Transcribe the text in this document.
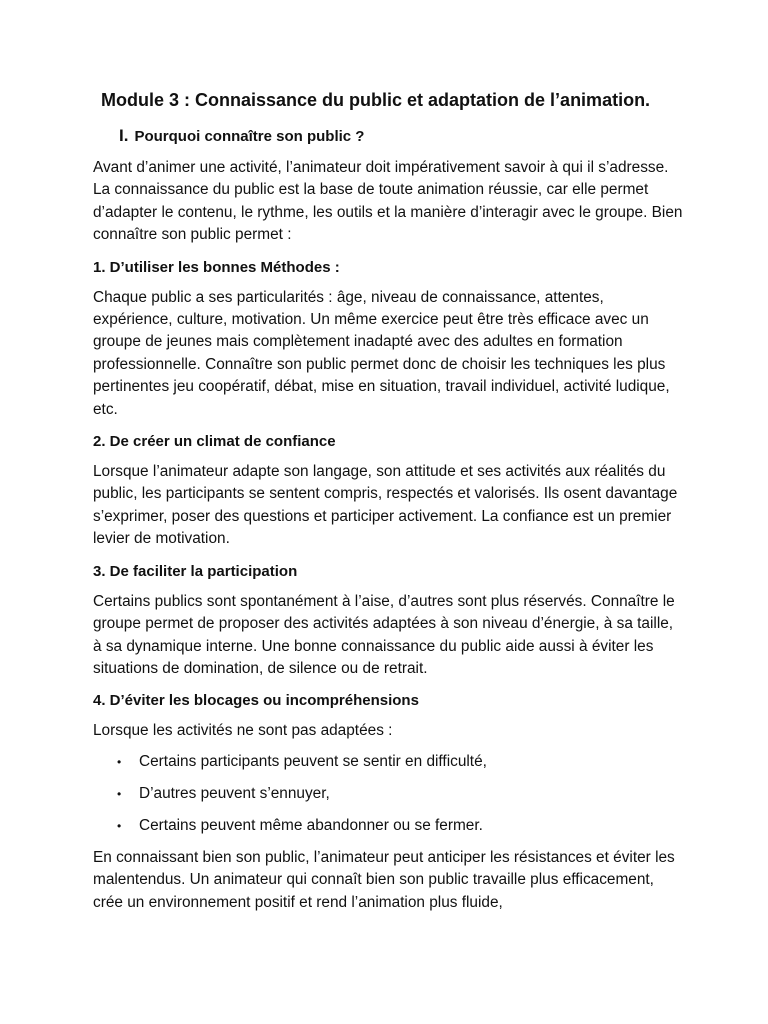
Module 3 : Connaissance du public et adaptation de l’animation.
I. Pourquoi connaître son public ?

Avant d’animer une activité, l’animateur doit impérativement savoir à qui il s’adresse. La connaissance du public est la base de toute animation réussie, car elle permet d’adapter le contenu, le rythme, les outils et la manière d’interagir avec le groupe. Bien connaître son public permet :

1. D’utiliser les bonnes Méthodes :

Chaque public a ses particularités : âge, niveau de connaissance, attentes, expérience, culture, motivation. Un même exercice peut être très efficace avec un groupe de jeunes mais complètement inadapté avec des adultes en formation professionnelle. Connaître son public permet donc de choisir les techniques les plus pertinentes jeu coopératif, débat, mise en situation, travail individuel, activité ludique, etc.

2. De créer un climat de confiance

Lorsque l’animateur adapte son langage, son attitude et ses activités aux réalités du public, les participants se sentent compris, respectés et valorisés. Ils osent davantage s’exprimer, poser des questions et participer activement. La confiance est un premier levier de motivation.

3. De faciliter la participation

Certains publics sont spontanément à l’aise, d’autres sont plus réservés. Connaître le groupe permet de proposer des activités adaptées à son niveau d’énergie, à sa taille, à sa dynamique interne. Une bonne connaissance du public aide aussi à éviter les situations de domination, de silence ou de retrait.

4. D’éviter les blocages ou incompréhensions

Lorsque les activités ne sont pas adaptées :

• Certains participants peuvent se sentir en difficulté,
• D’autres peuvent s’ennuyer,
• Certains peuvent même abandonner ou se fermer.

En connaissant bien son public, l’animateur peut anticiper les résistances et éviter les malentendus. Un animateur qui connaît bien son public travaille plus efficacement, crée un environnement positif et rend l’animation plus fluide,
